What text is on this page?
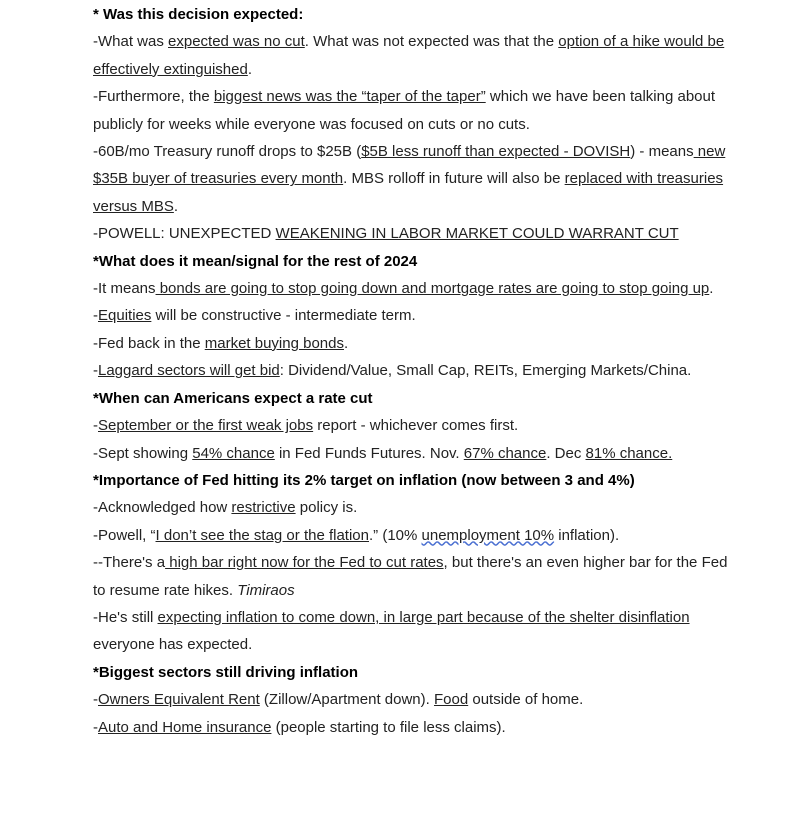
* Was this decision expected:
-What was expected was no cut. What was not expected was that the option of a hike would be effectively extinguished.
-Furthermore, the biggest news was the “taper of the taper” which we have been talking about publicly for weeks while everyone was focused on cuts or no cuts.
-60B/mo Treasury runoff drops to $25B ($5B less runoff than expected - DOVISH) - means new $35B buyer of treasuries every month. MBS rolloff in future will also be replaced with treasuries versus MBS.
-POWELL: UNEXPECTED WEAKENING IN LABOR MARKET COULD WARRANT CUT
*What does it mean/signal for the rest of 2024
-It means bonds are going to stop going down and mortgage rates are going to stop going up.
-Equities will be constructive - intermediate term.
-Fed back in the market buying bonds.
-Laggard sectors will get bid: Dividend/Value, Small Cap, REITs, Emerging Markets/China.
*When can Americans expect a rate cut
-September or the first weak jobs report - whichever comes first.
-Sept showing 54% chance in Fed Funds Futures. Nov. 67% chance. Dec 81% chance.
*Importance of Fed hitting its 2% target on inflation (now between 3 and 4%)
-Acknowledged how restrictive policy is.
-Powell, “I don’t see the stag or the flation.” (10% unemployment 10% inflation).
--There's a high bar right now for the Fed to cut rates, but there's an even higher bar for the Fed to resume rate hikes. Timiraos
-He's still expecting inflation to come down, in large part because of the shelter disinflation everyone has expected.
*Biggest sectors still driving inflation
-Owners Equivalent Rent (Zillow/Apartment down). Food outside of home.
-Auto and Home insurance (people starting to file less claims).
